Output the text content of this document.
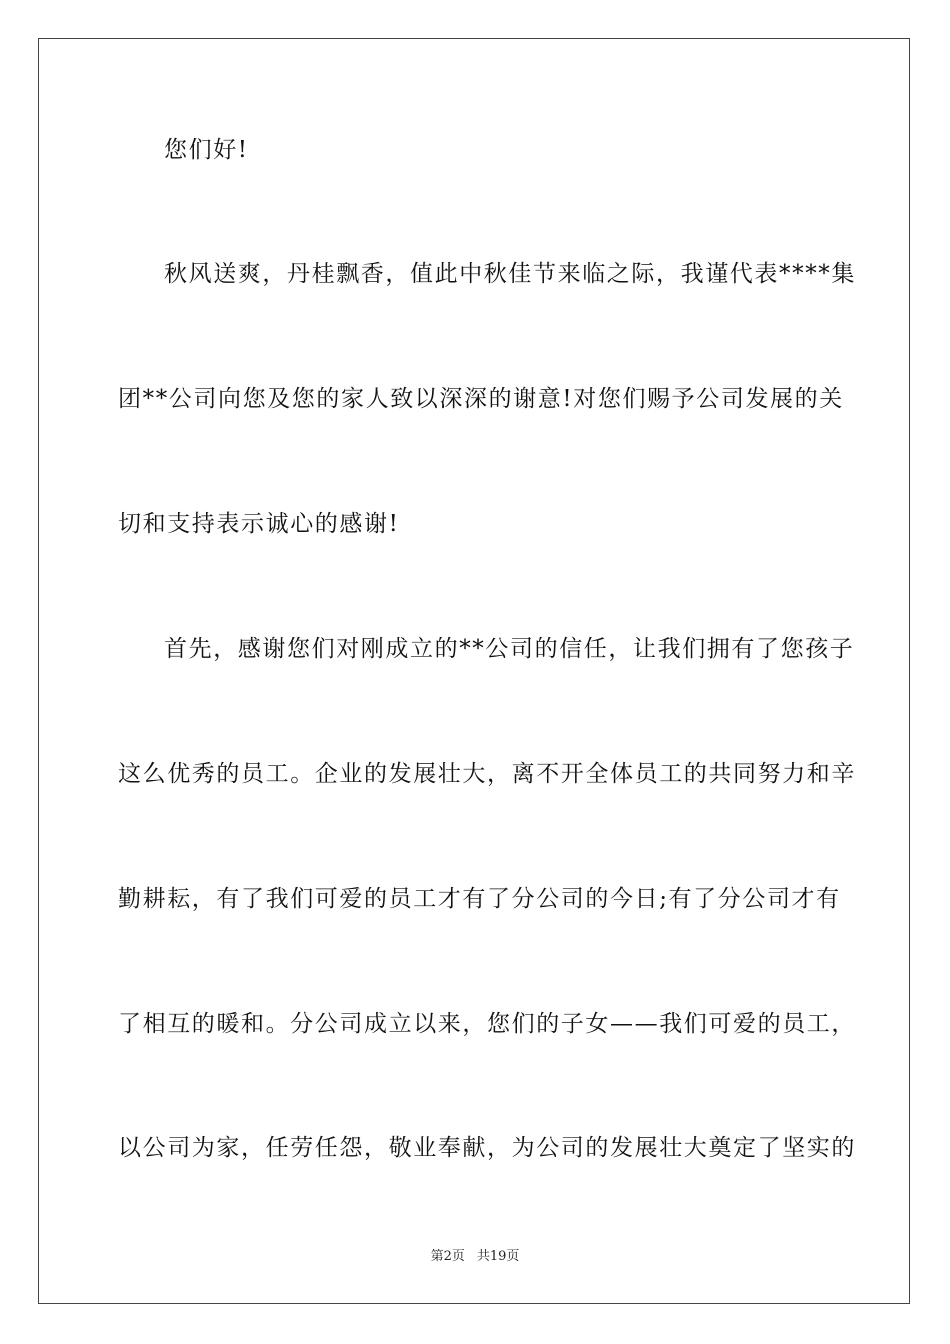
您们好!
秋风送爽，丹桂飘香，值此中秋佳节来临之际，我谨代表****集
团**公司向您及您的家人致以深深的谢意!对您们赐予公司发展的关
切和支持表示诚心的感谢!
首先，感谢您们对刚成立的**公司的信任，让我们拥有了您孩子
这么优秀的员工。企业的发展壮大，离不开全体员工的共同努力和辛
勤耕耘，有了我们可爱的员工才有了分公司的今日;有了分公司才有
了相互的暖和。分公司成立以来，您们的子女——我们可爱的员工，
以公司为家，任劳任怨，敬业奉献，为公司的发展壮大奠定了坚实的
第2页 共19页
